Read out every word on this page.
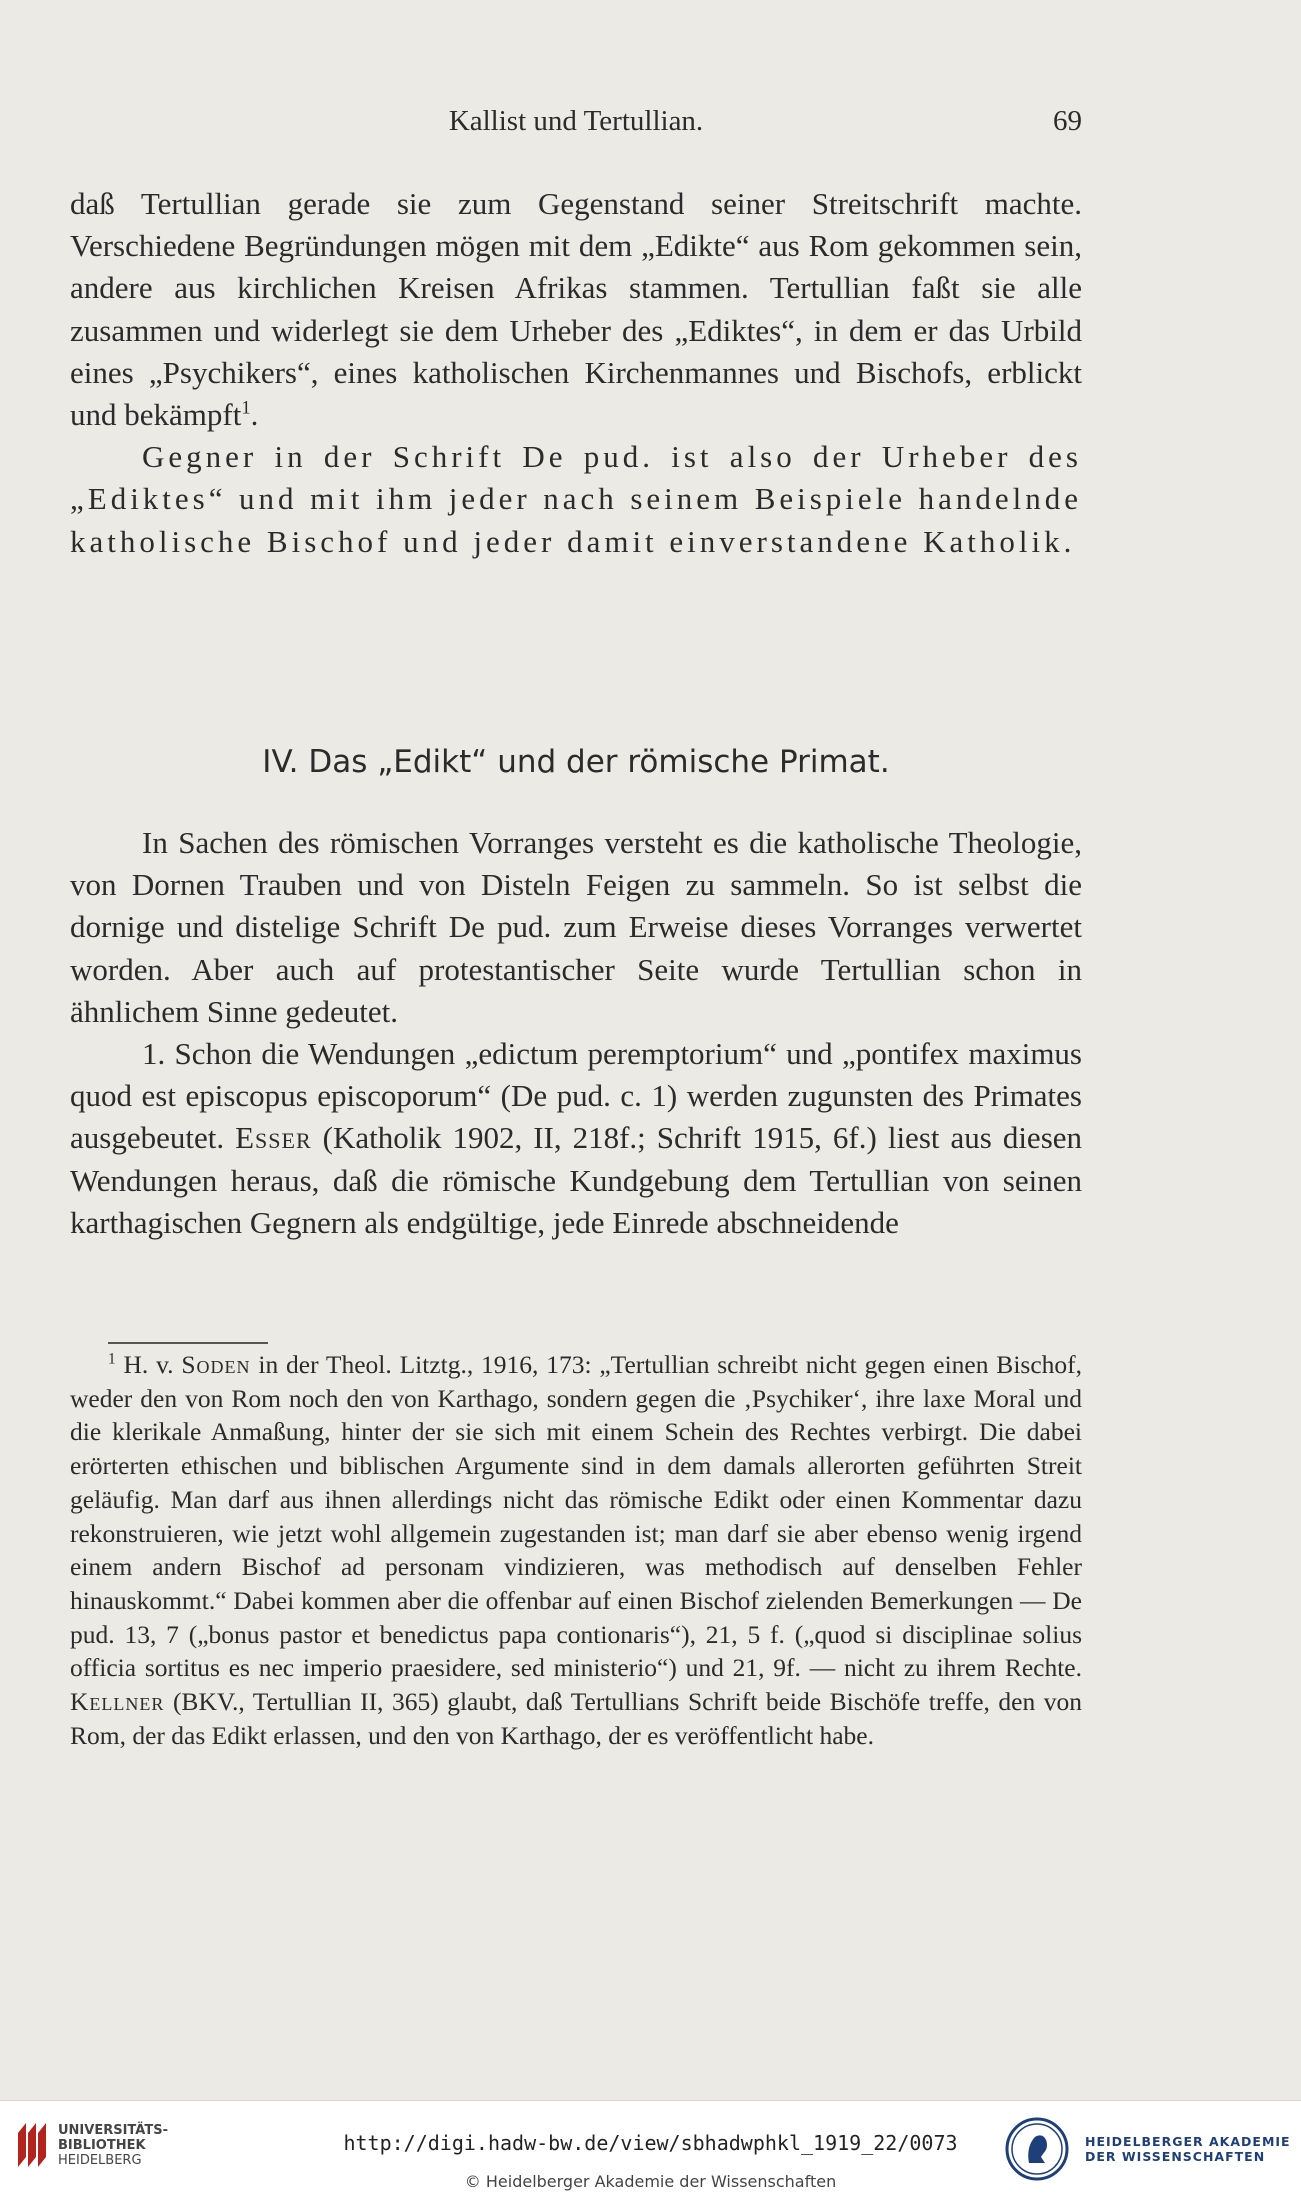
Kallist und Tertullian.	69

daß Tertullian gerade sie zum Gegenstand seiner Streitschrift machte. Verschiedene Begründungen mögen mit dem „Edikte“ aus Rom gekommen sein, andere aus kirchlichen Kreisen Afrikas stammen. Tertullian faßt sie alle zusammen und widerlegt sie dem Urheber des „Ediktes“, in dem er das Urbild eines „Psychikers“, eines katholischen Kirchenmannes und Bischofs, erblickt und bekämpft$^1$.

Gegner in der Schrift De pud. ist also der Urheber des „Ediktes“ und mit ihm jeder nach seinem Beispiele handelnde katholische Bischof und jeder damit einverstandene Katholik.

IV. Das „Edikt“ und der römische Primat.

In Sachen des römischen Vorranges versteht es die katholische Theologie, von Dornen Trauben und von Disteln Feigen zu sammeln. So ist selbst die dornige und distelige Schrift De pud. zum Erweise dieses Vorranges verwertet worden. Aber auch auf protestantischer Seite wurde Tertullian schon in ähnlichem Sinne gedeutet.

1. Schon die Wendungen „edictum peremptorium“ und „pontifex maximus quod est episcopus episcoporum“ (De pud. c. 1) werden zugunsten des Primates ausgebeutet. Esser (Katholik 1902, II, 218f.; Schrift 1915, 6f.) liest aus diesen Wendungen heraus, daß die römische Kundgebung dem Tertullian von seinen karthagischen Gegnern als endgültige, jede Einrede abschneidende

$^1$ H. v. Soden in der Theol. Litztg., 1916, 173: „Tertullian schreibt nicht gegen einen Bischof, weder den von Rom noch den von Karthago, sondern gegen die ‚Psychiker‘, ihre laxe Moral und die klerikale Anmaßung, hinter der sie sich mit einem Schein des Rechtes verbirgt. Die dabei erörterten ethischen und biblischen Argumente sind in dem damals allerorten geführten Streit geläufig. Man darf aus ihnen allerdings nicht das römische Edikt oder einen Kommentar dazu rekonstruieren, wie jetzt wohl allgemein zugestanden ist; man darf sie aber ebenso wenig irgend einem andern Bischof ad personam vindizieren, was methodisch auf denselben Fehler hinauskommt.“ Dabei kommen aber die offenbar auf einen Bischof zielenden Bemerkungen — De pud. 13, 7 („bonus pastor et benedictus papa contionaris“), 21, 5 f. („quod si disciplinae solius officia sortitus es nec imperio praesidere, sed ministerio“) und 21, 9f. — nicht zu ihrem Rechte. Kellner (BKV., Tertullian II, 365) glaubt, daß Tertullians Schrift beide Bischöfe treffe, den von Rom, der das Edikt erlassen, und den von Karthago, der es veröffentlicht habe.

UNIVERSITÄTS-
BIBLIOTHEK
HEIDELBERG
http://digi.hadw-bw.de/view/sbhadwphkl_1919_22/0073
© Heidelberger Akademie der Wissenschaften
HEIDELBERGER AKADEMIE
DER WISSENSCHAFTEN
